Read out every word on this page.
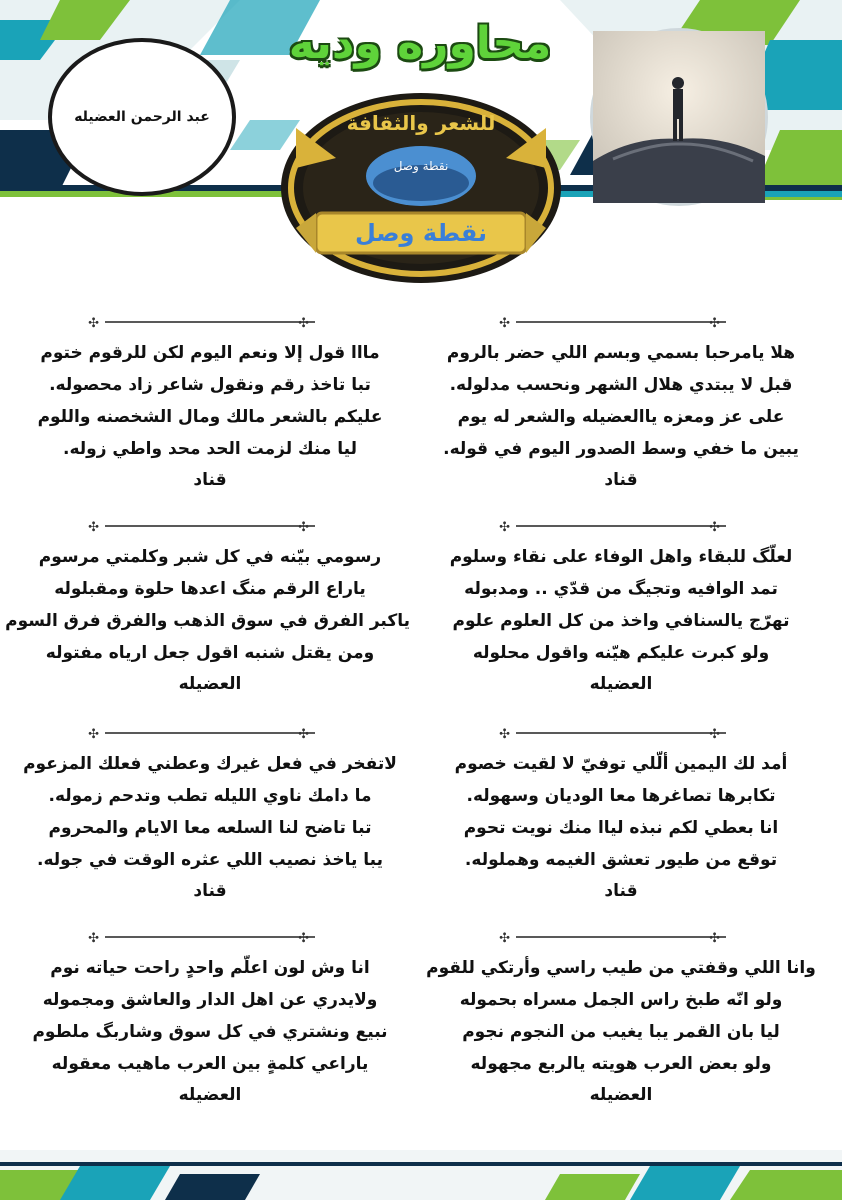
محاوره وديه
عبد الرحمن العضيله	للشعر والثقافة
نقطة وصل
نقطة وصل
✣	✣
هلا يامرحبا بسمي وبسم اللي حضر بالروم
قبل لا يبتدي هلال الشهر ونحسب مدلوله.
على عز ومعزه ياالعضيله والشعر له يوم
يبين ما خفي وسط الصدور اليوم في قوله.
قناد
✣	✣
مااا قول إلا ونعم اليوم لكن للرقوم ختوم
تبا تاخذ رقم ونقول شاعر زاد محصوله.
عليكم بالشعر مالك ومال الشخصنه واللوم
ليا منك لزمت الحد محد واطي زوله.
قناد
✣	✣
لعلّگ للبقاء واهل الوفاء على نقاء وسلوم
تمد الوافيه وتجيگ من قدّي .. ومدبوله
تهرّج يالسنافي واخذ من كل العلوم علوم
ولو كبرت عليكم هيّنه واقول محلوله
العضيله
✣	✣
رسومي بيّنه في كل شبر وكلمتي مرسوم
ياراع الرقم منگ اعدها حلوة ومقبلوله
ياكبر الفرق في سوق الذهب والفرق فرق السوم
ومن يقتل شنبه اقول جعل ارياه مفتوله
العضيله
✣	✣
أمد لك اليمين ألّلي توفيّ لا لقيت خصوم
تكابرها تصاغرها معا الوديان وسهوله.
انا بعطي لكم نبذه لياا منك نويت تحوم
توقع من طيور تعشق الغيمه وهملوله.
قناد
✣	✣
لاتفخر في فعل غيرك وعطني فعلك المزعوم
ما دامك ناوي الليله تطب وتدحم زموله.
تبا تاضح لنا السلعه معا الايام والمحروم
يبا ياخذ نصيب اللي عثره الوقت في جوله.
قناد
✣	✣
وانا اللي وقفتي من طيب راسي وأرتكي للقوم
ولو انّه طبخ راس الجمل مسراه بحموله
ليا بان القمر يبا يغيب من النجوم نجوم
ولو بعض العرب هويته يالربع مجهوله
العضيله
✣	✣
انا وش لون اعلّم واحدٍ راحت حياته نوم
ولايدري عن اهل الدار والعاشق ومجموله
نبيع ونشتري في كل سوق وشاربگ ملطوم
ياراعي كلمةٍ بين العرب ماهيب معقوله
العضيله
